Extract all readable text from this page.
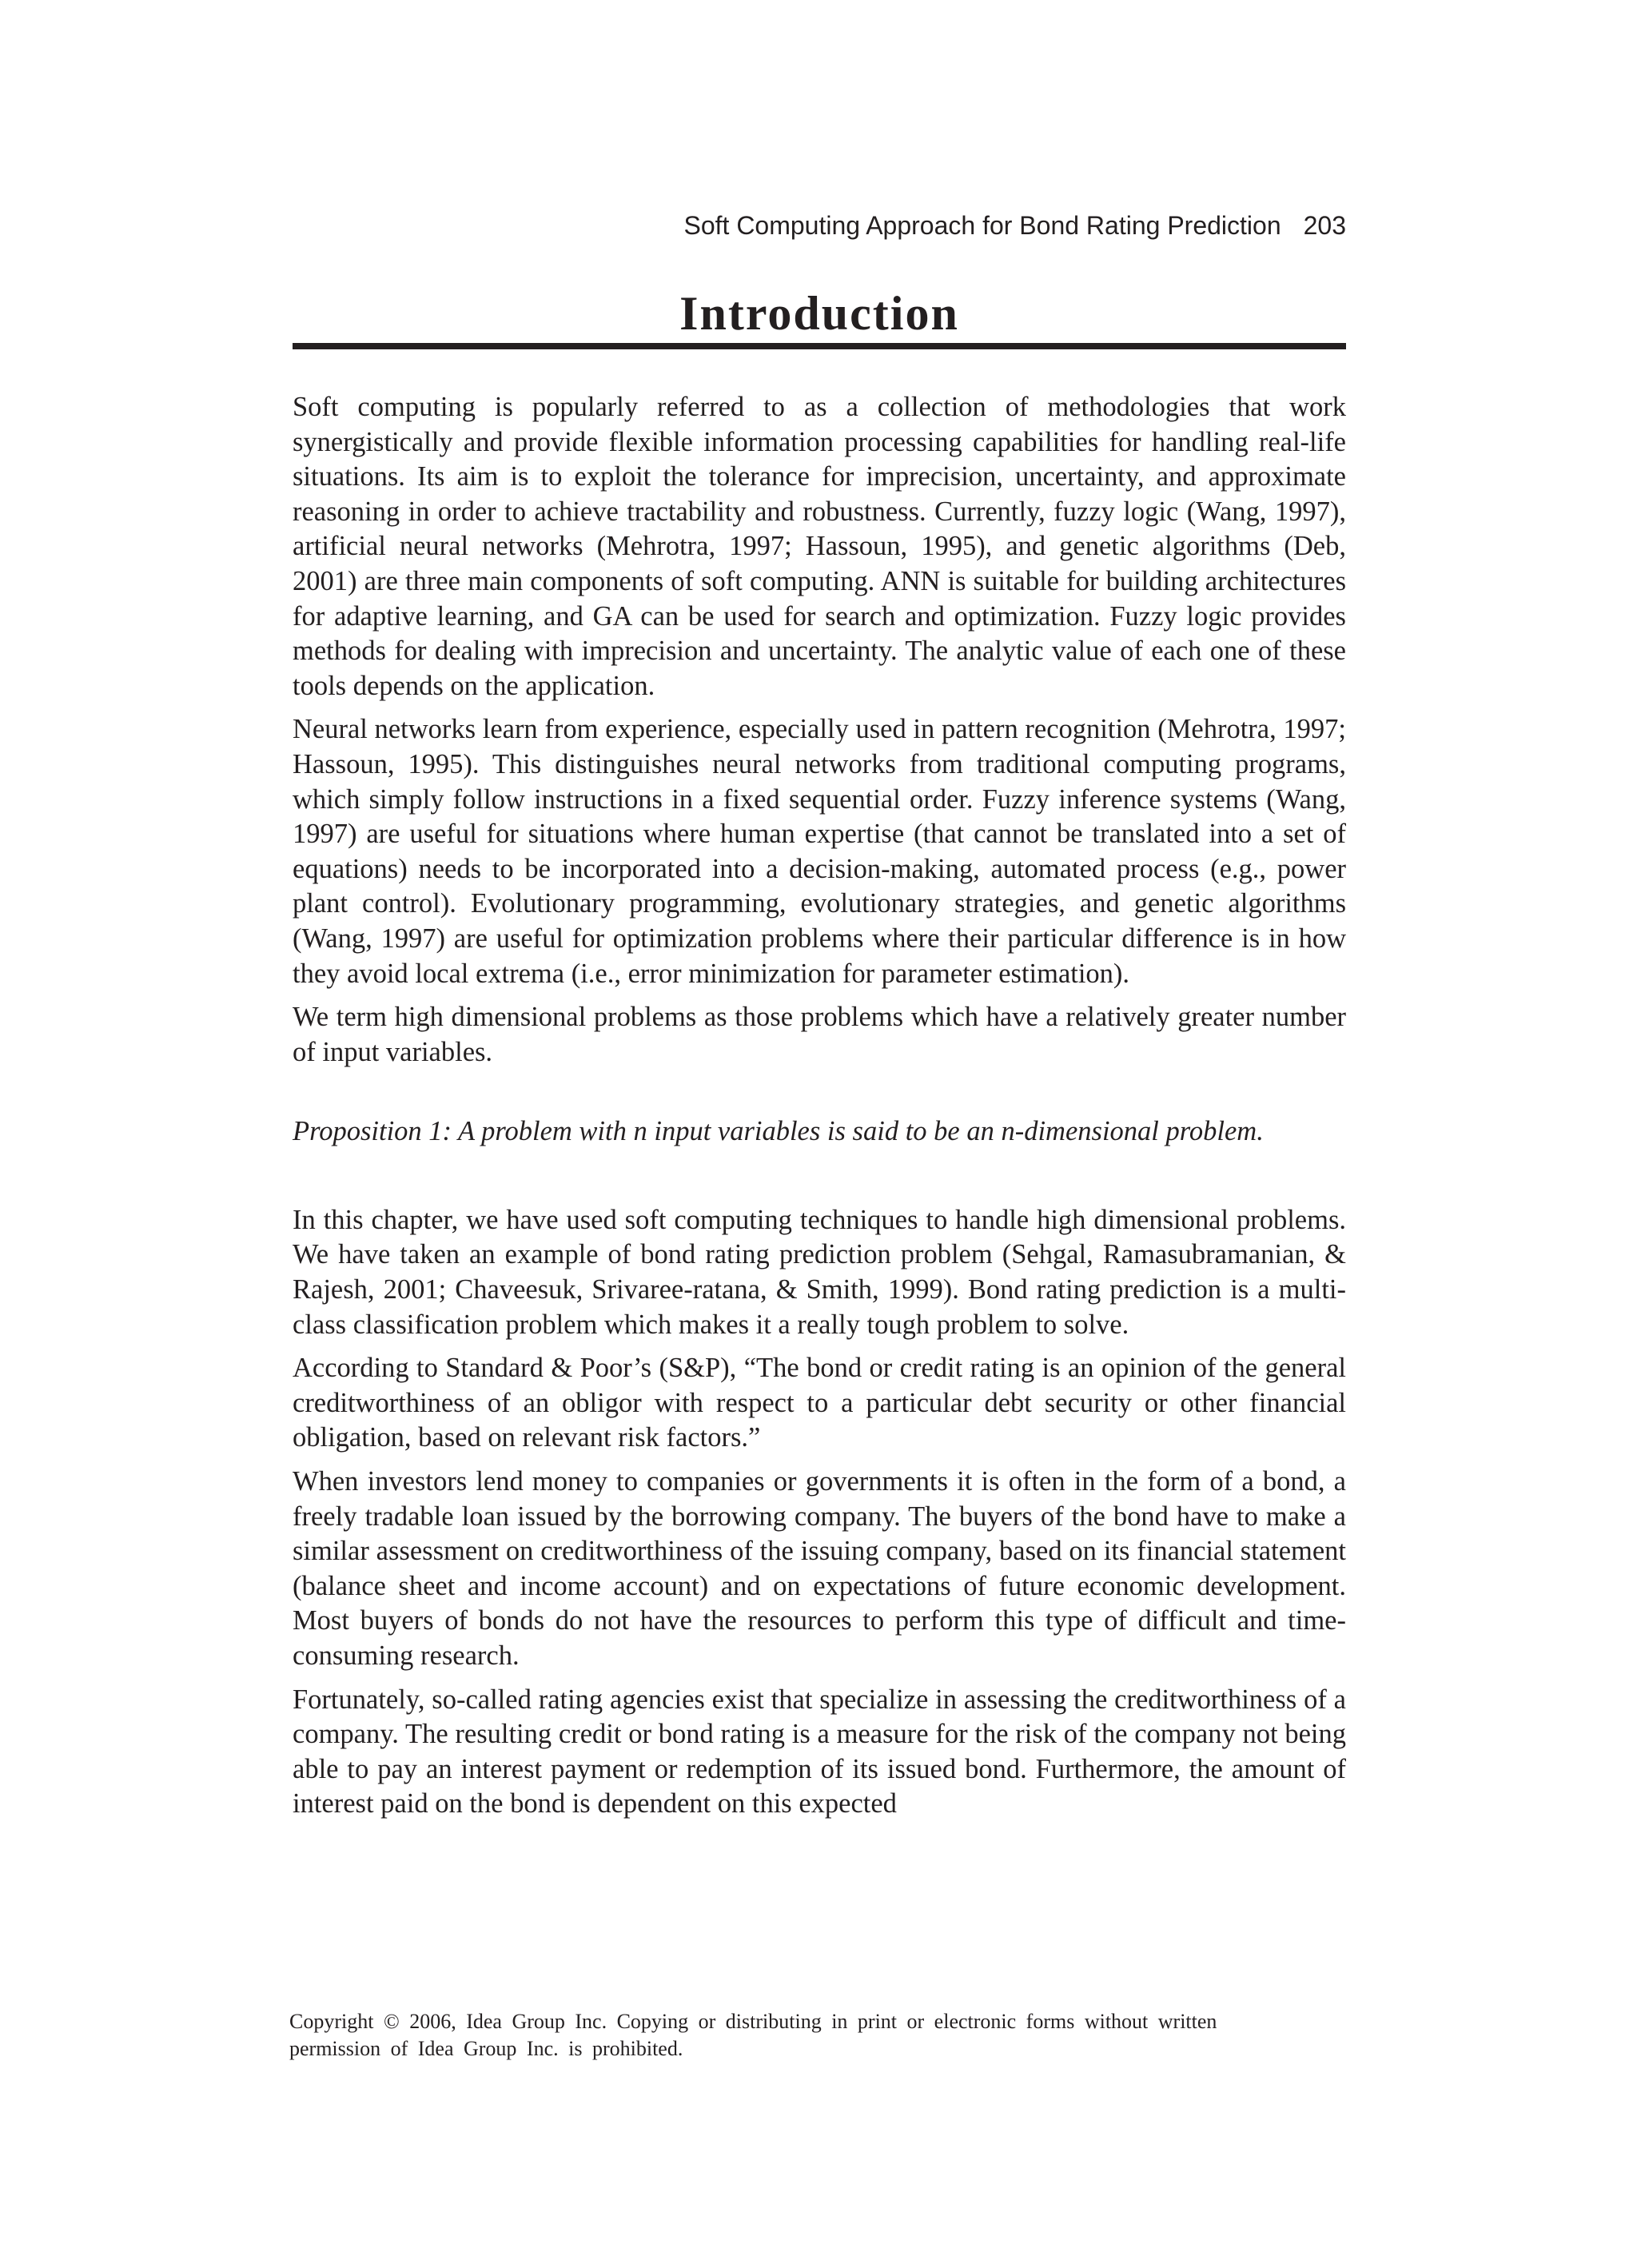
Soft Computing Approach for Bond Rating Prediction 203
Introduction

Soft computing is popularly referred to as a collection of methodologies that work synergistically and provide flexible information processing capabilities for handling real-life situations. Its aim is to exploit the tolerance for imprecision, uncertainty, and approximate reasoning in order to achieve tractability and robustness. Currently, fuzzy logic (Wang, 1997), artificial neural networks (Mehrotra, 1997; Hassoun, 1995), and genetic algorithms (Deb, 2001) are three main components of soft computing. ANN is suitable for building architectures for adaptive learning, and GA can be used for search and optimization. Fuzzy logic provides methods for dealing with imprecision and uncertainty. The analytic value of each one of these tools depends on the application.

Neural networks learn from experience, especially used in pattern recognition (Mehrotra, 1997; Hassoun, 1995). This distinguishes neural networks from traditional computing programs, which simply follow instructions in a fixed sequential order. Fuzzy inference systems (Wang, 1997) are useful for situations where human expertise (that cannot be translated into a set of equations) needs to be incorporated into a decision-making, automated process (e.g., power plant control). Evolutionary programming, evolutionary strategies, and genetic algorithms (Wang, 1997) are useful for optimization problems where their particular difference is in how they avoid local extrema (i.e., error minimization for parameter estimation).

We term high dimensional problems as those problems which have a relatively greater number of input variables.

Proposition 1: A problem with n input variables is said to be an n-dimensional problem.

In this chapter, we have used soft computing techniques to handle high dimensional problems. We have taken an example of bond rating prediction problem (Sehgal, Ramasubramanian, & Rajesh, 2001; Chaveesuk, Srivaree-ratana, & Smith, 1999). Bond rating prediction is a multi-class classification problem which makes it a really tough problem to solve.

According to Standard & Poor’s (S&P), “The bond or credit rating is an opinion of the general creditworthiness of an obligor with respect to a particular debt security or other financial obligation, based on relevant risk factors.”

When investors lend money to companies or governments it is often in the form of a bond, a freely tradable loan issued by the borrowing company. The buyers of the bond have to make a similar assessment on creditworthiness of the issuing company, based on its financial statement (balance sheet and income account) and on expectations of future economic development. Most buyers of bonds do not have the resources to perform this type of difficult and time-consuming research.

Fortunately, so-called rating agencies exist that specialize in assessing the creditworthiness of a company. The resulting credit or bond rating is a measure for the risk of the company not being able to pay an interest payment or redemption of its issued bond. Furthermore, the amount of interest paid on the bond is dependent on this expected

Copyright © 2006, Idea Group Inc. Copying or distributing in print or electronic forms without written
permission of Idea Group Inc. is prohibited.
